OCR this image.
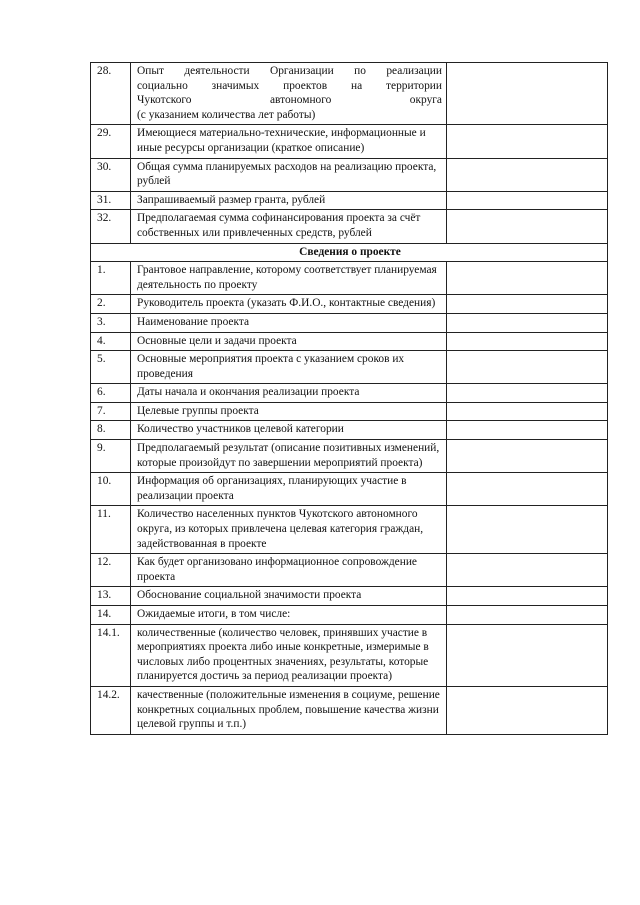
28.	Опыт деятельности Организации по реализации
социально значимых проектов на территории
Чукотского автономного округа
(с указанием количества лет работы)	

29.	Имеющиеся материально-технические, информационные и иные ресурсы организации (краткое описание)	
30.	Общая сумма планируемых расходов на реализацию проекта, рублей	
31.	Запрашиваемый размер гранта, рублей	
32.	Предполагаемая сумма софинансирования проекта за счёт собственных или привлеченных средств, рублей	
Сведения о проекте		
1.	Грантовое направление, которому соответствует планируемая деятельность по проекту	
2.	Руководитель проекта (указать Ф.И.О., контактные сведения)	
3.	Наименование проекта	
4.	Основные цели и задачи проекта	
5.	Основные мероприятия проекта с указанием сроков их проведения	
6.	Даты начала и окончания реализации проекта	
7.	Целевые группы проекта	
8.	Количество участников целевой категории	
9.	Предполагаемый результат (описание позитивных изменений, которые произойдут по завершении мероприятий проекта)	
10.	Информация об организациях, планирующих участие в реализации проекта	
11.	Количество населенных пунктов Чукотского автономного округа, из которых привлечена целевая категория граждан, задействованная в проекте	
12.	Как будет организовано информационное сопровождение проекта	
13.	Обоснование социальной значимости проекта	
14.	Ожидаемые итоги, в том числе:	
14.1.	количественные (количество человек, принявших участие в мероприятиях проекта либо иные конкретные, измеримые в числовых либо процентных значениях, результаты, которые планируется достичь за период реализации проекта)	
14.2.	качественные (положительные изменения в социуме, решение конкретных социальных проблем, повышение качества жизни целевой группы и т.п.)	
